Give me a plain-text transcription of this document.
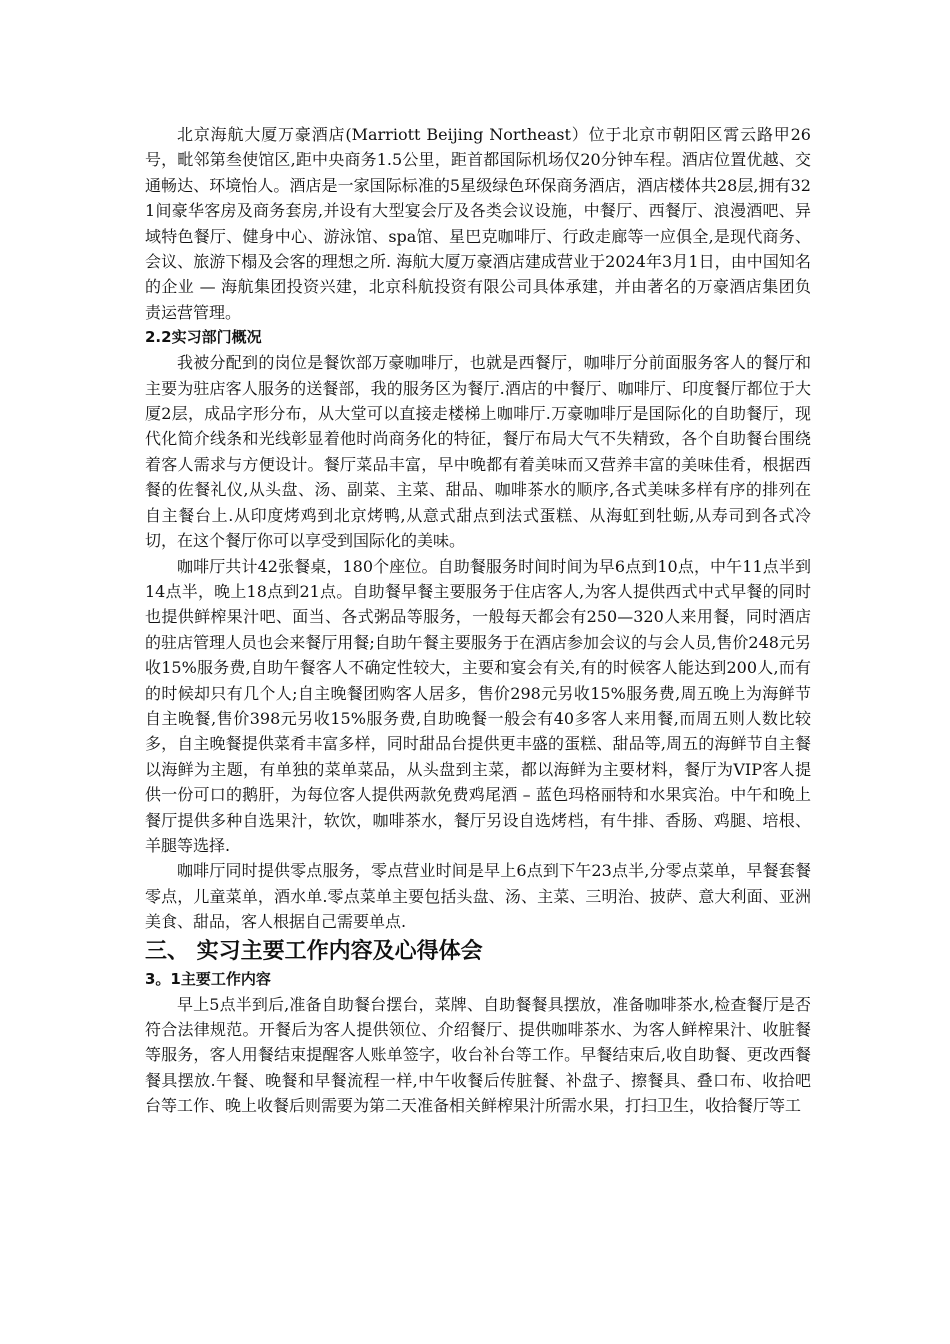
北京海航大厦万豪酒店(Marriott Beijing Northeast）位于北京市朝阳区霄云路甲26号，毗邻第叁使馆区,距中央商务1.5公里，距首都国际机场仅20分钟车程。酒店位置优越、交通畅达、环境怡人。酒店是一家国际标准的5星级绿色环保商务酒店，酒店楼体共28层,拥有321间豪华客房及商务套房,并设有大型宴会厅及各类会议设施，中餐厅、西餐厅、浪漫酒吧、异域特色餐厅、健身中心、游泳馆、spa馆、星巴克咖啡厅、行政走廊等一应俱全,是现代商务、会议、旅游下榻及会客的理想之所. 海航大厦万豪酒店建成营业于2024年3月1日，由中国知名的企业 — 海航集团投资兴建，北京科航投资有限公司具体承建，并由著名的万豪酒店集团负责运营管理。

2.2实习部门概况

我被分配到的岗位是餐饮部万豪咖啡厅，也就是西餐厅，咖啡厅分前面服务客人的餐厅和主要为驻店客人服务的送餐部，我的服务区为餐厅.酒店的中餐厅、咖啡厅、印度餐厅都位于大厦2层，成品字形分布，从大堂可以直接走楼梯上咖啡厅.万豪咖啡厅是国际化的自助餐厅，现代化简介线条和光线彰显着他时尚商务化的特征，餐厅布局大气不失精致，各个自助餐台围绕着客人需求与方便设计。餐厅菜品丰富，早中晚都有着美味而又营养丰富的美味佳肴，根据西餐的佐餐礼仪,从头盘、汤、副菜、主菜、甜品、咖啡茶水的顺序,各式美味多样有序的排列在自主餐台上.从印度烤鸡到北京烤鸭,从意式甜点到法式蛋糕、从海虹到牡蛎,从寿司到各式冷切，在这个餐厅你可以享受到国际化的美味。

咖啡厅共计42张餐桌，180个座位。自助餐服务时间时间为早6点到10点，中午11点半到14点半，晚上18点到21点。自助餐早餐主要服务于住店客人,为客人提供西式中式早餐的同时也提供鲜榨果汁吧、面当、各式粥品等服务，一般每天都会有250—320人来用餐，同时酒店的驻店管理人员也会来餐厅用餐;自助午餐主要服务于在酒店参加会议的与会人员,售价248元另收15%服务费,自助午餐客人不确定性较大，主要和宴会有关,有的时候客人能达到200人,而有的时候却只有几个人;自主晚餐团购客人居多，售价298元另收15%服务费,周五晚上为海鲜节自主晚餐,售价398元另收15%服务费,自助晚餐一般会有40多客人来用餐,而周五则人数比较多，自主晚餐提供菜肴丰富多样，同时甜品台提供更丰盛的蛋糕、甜品等,周五的海鲜节自主餐以海鲜为主题，有单独的菜单菜品，从头盘到主菜，都以海鲜为主要材料，餐厅为VIP客人提供一份可口的鹅肝，为每位客人提供两款免费鸡尾酒 – 蓝色玛格丽特和水果宾治。中午和晚上餐厅提供多种自选果汁，软饮，咖啡茶水，餐厅另设自选烤档，有牛排、香肠、鸡腿、培根、羊腿等选择.

咖啡厅同时提供零点服务，零点营业时间是早上6点到下午23点半,分零点菜单，早餐套餐零点，儿童菜单，酒水单.零点菜单主要包括头盘、汤、主菜、三明治、披萨、意大利面、亚洲美食、甜品，客人根据自己需要单点.

三、 实习主要工作内容及心得体会

3。1主要工作内容

早上5点半到后,准备自助餐台摆台，菜牌、自助餐餐具摆放，准备咖啡茶水,检查餐厅是否符合法律规范。开餐后为客人提供领位、介绍餐厅、提供咖啡茶水、为客人鲜榨果汁、收脏餐等服务，客人用餐结束提醒客人账单签字，收台补台等工作。早餐结束后,收自助餐、更改西餐餐具摆放.午餐、晚餐和早餐流程一样,中午收餐后传脏餐、补盘子、擦餐具、叠口布、收拾吧台等工作、晚上收餐后则需要为第二天准备相关鲜榨果汁所需水果，打扫卫生，收拾餐厅等工
